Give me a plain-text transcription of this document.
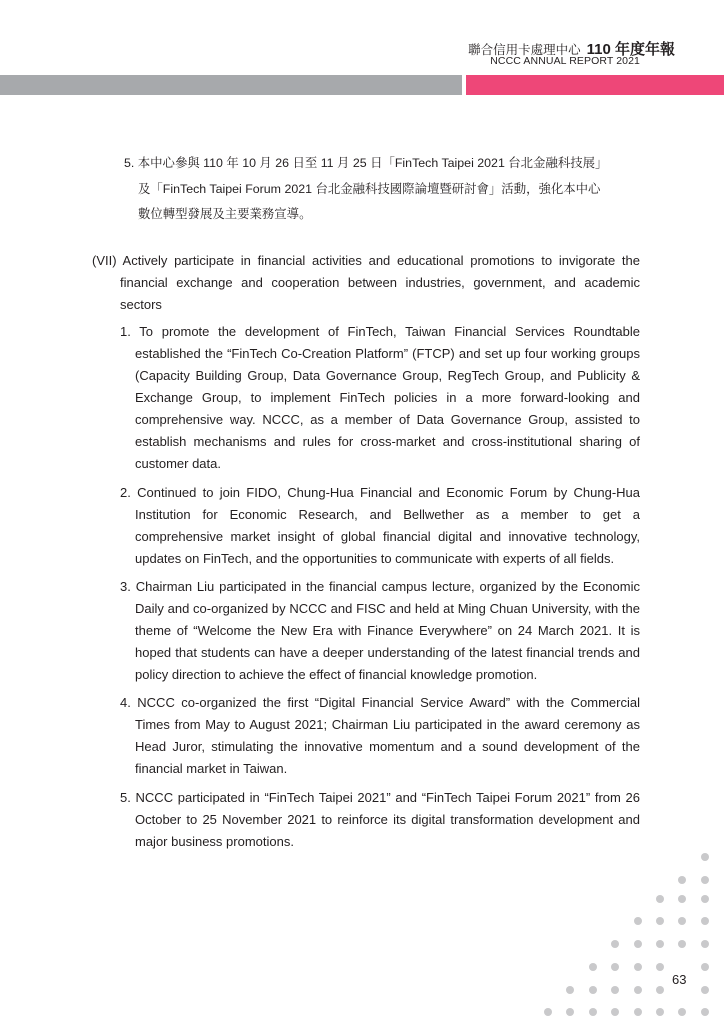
聯合信用卡處理中心 110 年度年報
NCCC ANNUAL REPORT 2021
5. 本中心參與 110 年 10 月 26 日至 11 月 25 日「FinTech Taipei 2021 台北金融科技展」
及「FinTech Taipei Forum 2021 台北金融科技國際論壇暨研討會」活動，強化本中心
數位轉型發展及主要業務宣導。
(VII) Actively participate in financial activities and educational promotions to invigorate the financial exchange and cooperation between industries, government, and academic sectors
1. To promote the development of FinTech, Taiwan Financial Services Roundtable established the “FinTech Co-Creation Platform” (FTCP) and set up four working groups (Capacity Building Group, Data Governance Group, RegTech Group, and Publicity & Exchange Group, to implement FinTech policies in a more forward-looking and comprehensive way. NCCC, as a member of Data Governance Group, assisted to establish mechanisms and rules for cross-market and cross-institutional sharing of customer data.
2. Continued to join FIDO, Chung-Hua Financial and Economic Forum by Chung-Hua Institution for Economic Research, and Bellwether as a member to get a comprehensive market insight of global financial digital and innovative technology, updates on FinTech, and the opportunities to communicate with experts of all fields.
3. Chairman Liu participated in the financial campus lecture, organized by the Economic Daily and co-organized by NCCC and FISC and held at Ming Chuan University, with the theme of “Welcome the New Era with Finance Everywhere” on 24 March 2021. It is hoped that students can have a deeper understanding of the latest financial trends and policy direction to achieve the effect of financial knowledge promotion.
4. NCCC co-organized the first “Digital Financial Service Award” with the Commercial Times from May to August 2021; Chairman Liu participated in the award ceremony as Head Juror, stimulating the innovative momentum and a sound development of the financial market in Taiwan.
5. NCCC participated in “FinTech Taipei 2021” and “FinTech Taipei Forum 2021” from 26 October to 25 November 2021 to reinforce its digital transformation development and major business promotions.
63
